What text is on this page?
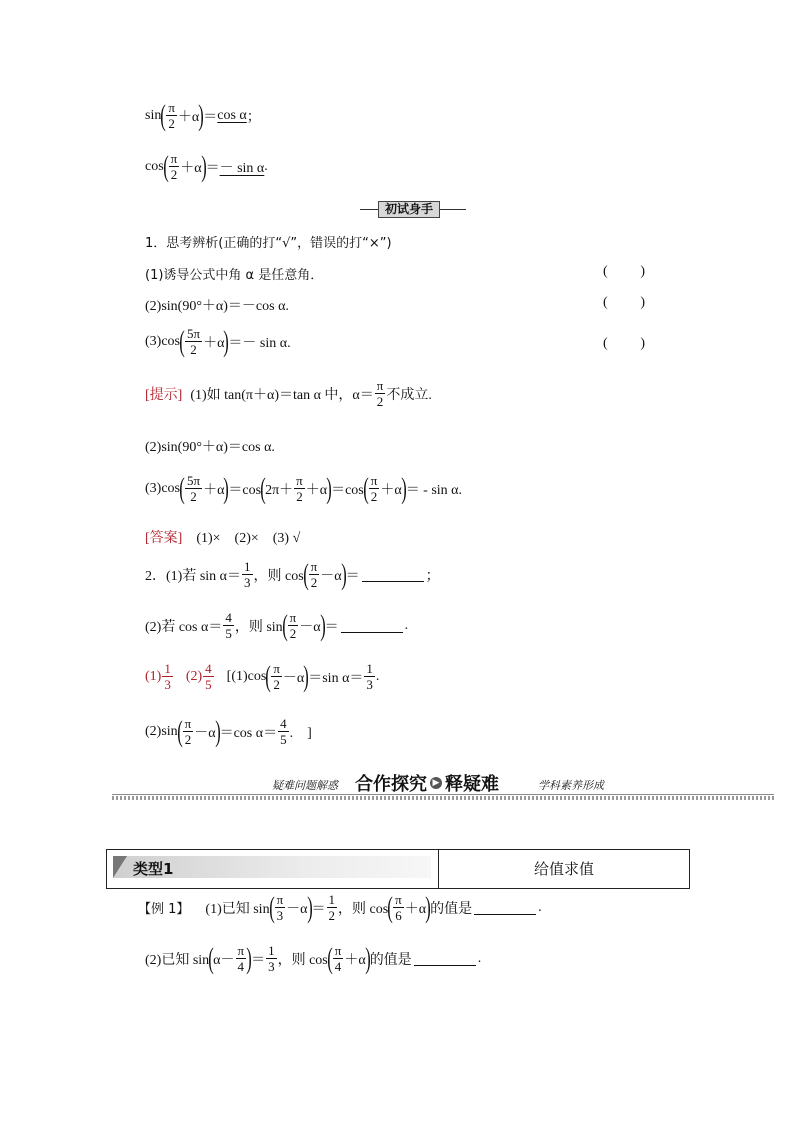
sin ( $\frac{\pi}{2} +\alpha$ ) ＝ cos α ；
cos ( $\frac{\pi}{2} +\alpha$ ) ＝ － sin α .
初试身手
1．思考辨析(正确的打“√”，错误的打“×”)
(1)诱导公式中角 α 是任意角．	( )
(2)sin(90°＋α)＝－cos α.	( )
(3)cos ( $\frac{5\pi}{2} +\alpha$ ) ＝－ sin α.	( )
[提示] (1)如 tan(π＋α)＝tan α 中，$\alpha= \frac{\pi}{2}$ 不成立.
(2)sin(90°＋α)＝cos α.
(3)cos ( $\frac{5\pi}{2} +\alpha$ ) ＝cos ( $2\pi+ \frac{\pi}{2} +\alpha$ ) ＝cos ( $\frac{\pi}{2} +\alpha$ ) ＝ - sin α.
[答案] (1)×　(2)×　(3) √
2．(1)若 $\sin \alpha= \frac{1}{3}$ ，则 cos ( $\frac{\pi}{2} -\alpha$ ) ＝	；
(2)若 $\cos \alpha= \frac{4}{5}$ ，则 sin ( $\frac{\pi}{2} -\alpha$ ) ＝	.
$(1) \frac{1}{3} (2) \frac{4}{5} [(1)\cos$ ( $\frac{\pi}{2} -\alpha$ ) ＝sin $\alpha= \frac{1}{3}$ .
(2)sin ( $\frac{\pi}{2} -\alpha$ ) ＝cos $\alpha= \frac{4}{5}$ .　]
疑难问题解惑 合作探究 ▶ 释疑难	学科素养形成
类型1	给值求值
【例 1】 (1)已知 sin ( $\frac{\pi}{3} -\alpha$ ) ＝ $\frac{1}{2}$ ，则 cos ( $\frac{\pi}{6} +\alpha$ ) 的值是	.
(2)已知 sin ( $\alpha- \frac{\pi}{4}$ ) ＝ $\frac{1}{3}$ ，则 cos ( $\frac{\pi}{4} +\alpha$ ) 的值是	.
